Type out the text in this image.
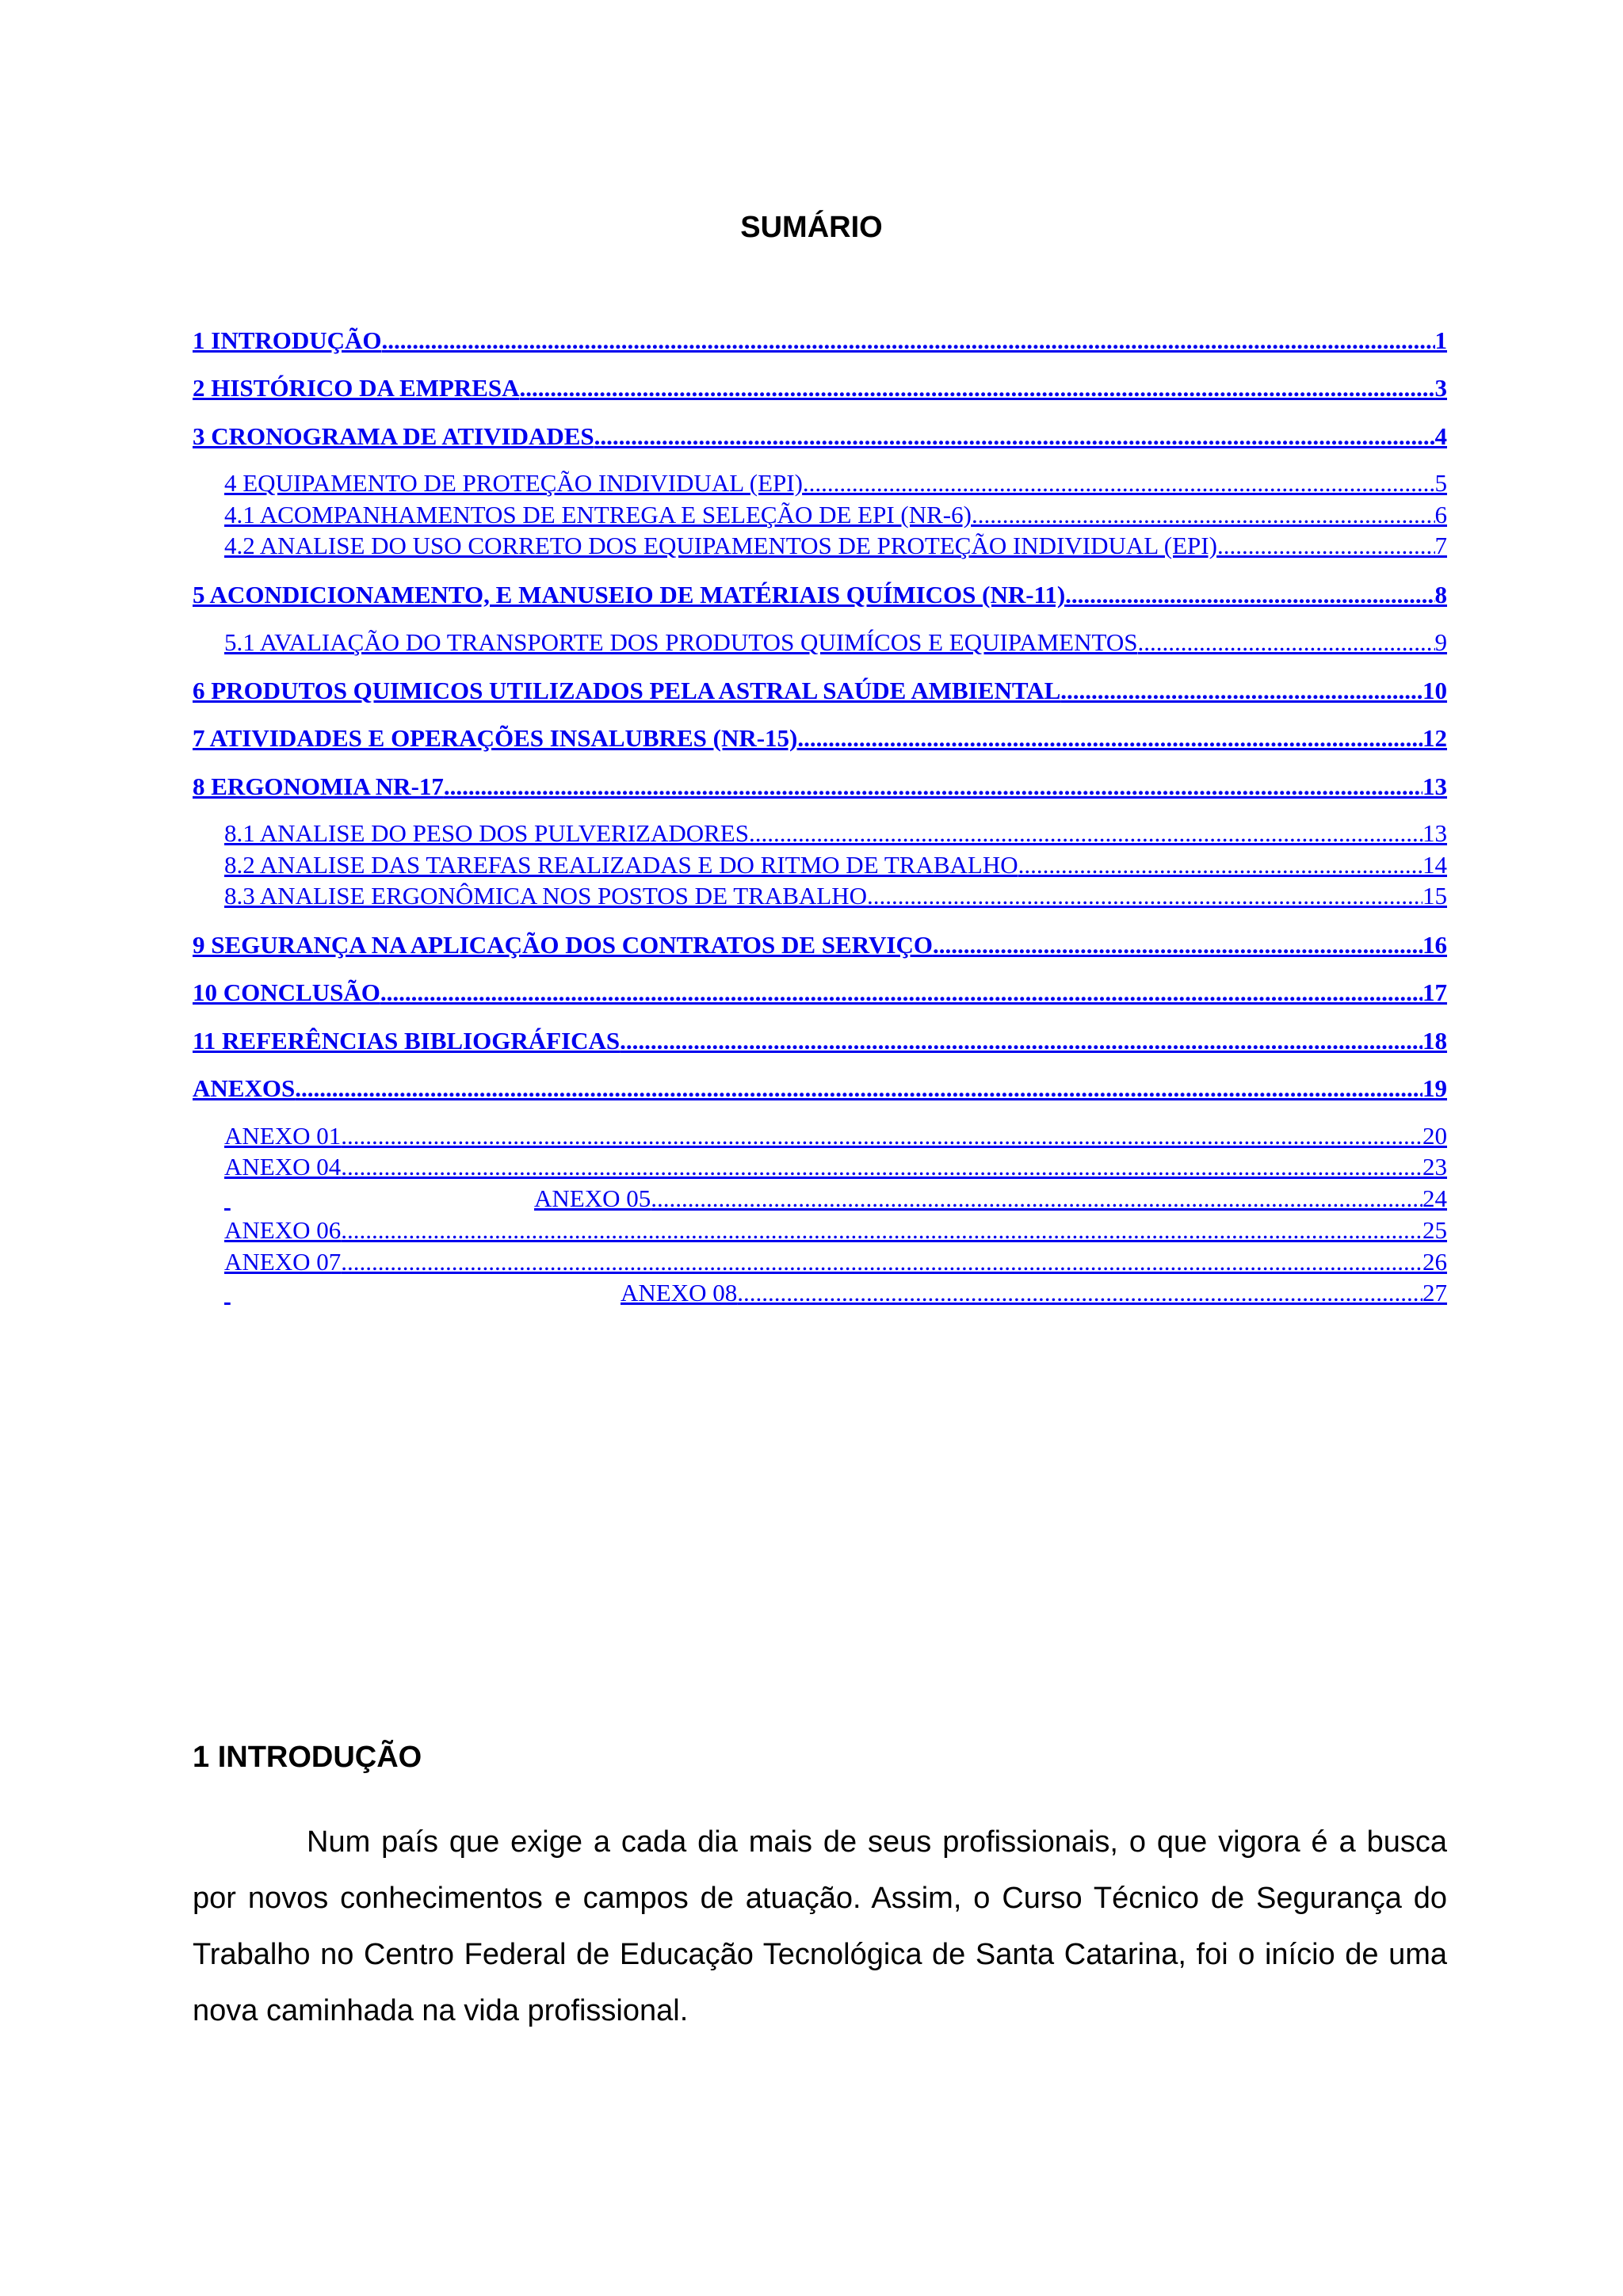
SUMÁRIO
1 INTRODUÇÃO .....	1
2 HISTÓRICO DA EMPRESA .....	3
3 CRONOGRAMA DE ATIVIDADES .....	4
4 EQUIPAMENTO DE PROTEÇÃO INDIVIDUAL (EPI) .....	5
4.1 ACOMPANHAMENTOS DE ENTREGA E SELEÇÃO DE EPI (NR-6) .....	6
4.2 ANALISE DO USO CORRETO DOS EQUIPAMENTOS DE PROTEÇÃO INDIVIDUAL (EPI) .....	7
5 ACONDICIONAMENTO, E MANUSEIO DE MATÉRIAIS QUÍMICOS (NR-11) .....	8
5.1 AVALIAÇÃO DO TRANSPORTE DOS PRODUTOS QUIMÍCOS E EQUIPAMENTOS .....	9
6 PRODUTOS QUIMICOS UTILIZADOS PELA ASTRAL SAÚDE AMBIENTAL .....	10
7 ATIVIDADES E OPERAÇÕES INSALUBRES (NR-15) .....	12
8 ERGONOMIA NR-17 .....	13
8.1 ANALISE DO PESO DOS PULVERIZADORES .....	13
8.2 ANALISE DAS TAREFAS REALIZADAS E DO RITMO DE TRABALHO .....	14
8.3 ANALISE ERGONÔMICA NOS POSTOS DE TRABALHO .....	15
9 SEGURANÇA NA APLICAÇÃO DOS CONTRATOS DE SERVIÇO .....	16
10 CONCLUSÃO .....	17
11 REFERÊNCIAS BIBLIOGRÁFICAS .....	18
ANEXOS .....	19
ANEXO 01 .....	20
ANEXO 04 .....	23

ANEXO 05 .....	24
ANEXO 06 .....	25
ANEXO 07 .....	26

ANEXO 08 .....	27
1 INTRODUÇÃO

Num país que exige a cada dia mais de seus profissionais, o que vigora é a busca por novos conhecimentos e campos de atuação. Assim, o Curso Técnico de Segurança do Trabalho no Centro Federal de Educação Tecnológica de Santa Catarina, foi o início de uma nova caminhada na vida profissional.
